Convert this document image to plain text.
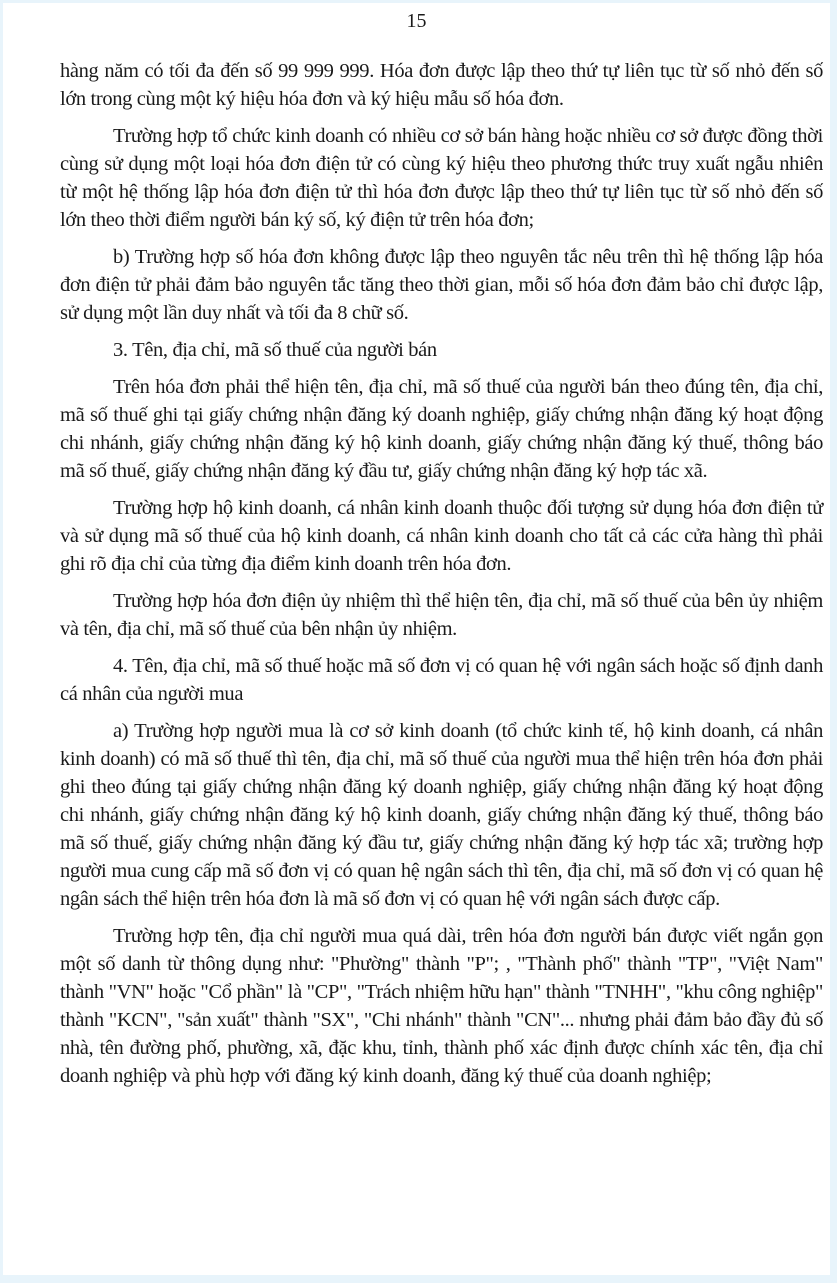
15

hàng năm có tối đa đến số 99 999 999. Hóa đơn được lập theo thứ tự liên tục từ số nhỏ đến số lớn trong cùng một ký hiệu hóa đơn và ký hiệu mẫu số hóa đơn.

Trường hợp tổ chức kinh doanh có nhiều cơ sở bán hàng hoặc nhiều cơ sở được đồng thời cùng sử dụng một loại hóa đơn điện tử có cùng ký hiệu theo phương thức truy xuất ngẫu nhiên từ một hệ thống lập hóa đơn điện tử thì hóa đơn được lập theo thứ tự liên tục từ số nhỏ đến số lớn theo thời điểm người bán ký số, ký điện tử trên hóa đơn;

b) Trường hợp số hóa đơn không được lập theo nguyên tắc nêu trên thì hệ thống lập hóa đơn điện tử phải đảm bảo nguyên tắc tăng theo thời gian, mỗi số hóa đơn đảm bảo chỉ được lập, sử dụng một lần duy nhất và tối đa 8 chữ số.

3. Tên, địa chỉ, mã số thuế của người bán

Trên hóa đơn phải thể hiện tên, địa chỉ, mã số thuế của người bán theo đúng tên, địa chỉ, mã số thuế ghi tại giấy chứng nhận đăng ký doanh nghiệp, giấy chứng nhận đăng ký hoạt động chi nhánh, giấy chứng nhận đăng ký hộ kinh doanh, giấy chứng nhận đăng ký thuế, thông báo mã số thuế, giấy chứng nhận đăng ký đầu tư, giấy chứng nhận đăng ký hợp tác xã.

Trường hợp hộ kinh doanh, cá nhân kinh doanh thuộc đối tượng sử dụng hóa đơn điện tử và sử dụng mã số thuế của hộ kinh doanh, cá nhân kinh doanh cho tất cả các cửa hàng thì phải ghi rõ địa chỉ của từng địa điểm kinh doanh trên hóa đơn.

Trường hợp hóa đơn điện ủy nhiệm thì thể hiện tên, địa chỉ, mã số thuế của bên ủy nhiệm và tên, địa chỉ, mã số thuế của bên nhận ủy nhiệm.

4. Tên, địa chỉ, mã số thuế hoặc mã số đơn vị có quan hệ với ngân sách hoặc số định danh cá nhân của người mua

a) Trường hợp người mua là cơ sở kinh doanh (tổ chức kinh tế, hộ kinh doanh, cá nhân kinh doanh) có mã số thuế thì tên, địa chỉ, mã số thuế của người mua thể hiện trên hóa đơn phải ghi theo đúng tại giấy chứng nhận đăng ký doanh nghiệp, giấy chứng nhận đăng ký hoạt động chi nhánh, giấy chứng nhận đăng ký hộ kinh doanh, giấy chứng nhận đăng ký thuế, thông báo mã số thuế, giấy chứng nhận đăng ký đầu tư, giấy chứng nhận đăng ký hợp tác xã; trường hợp người mua cung cấp mã số đơn vị có quan hệ ngân sách thì tên, địa chỉ, mã số đơn vị có quan hệ ngân sách thể hiện trên hóa đơn là mã số đơn vị có quan hệ với ngân sách được cấp.

Trường hợp tên, địa chỉ người mua quá dài, trên hóa đơn người bán được viết ngắn gọn một số danh từ thông dụng như: "Phường" thành "P"; , "Thành phố" thành "TP", "Việt Nam" thành "VN" hoặc "Cổ phần" là "CP", "Trách nhiệm hữu hạn" thành "TNHH", "khu công nghiệp" thành "KCN", "sản xuất" thành "SX", "Chi nhánh" thành "CN"... nhưng phải đảm bảo đầy đủ số nhà, tên đường phố, phường, xã, đặc khu, tỉnh, thành phố xác định được chính xác tên, địa chỉ doanh nghiệp và phù hợp với đăng ký kinh doanh, đăng ký thuế của doanh nghiệp;
